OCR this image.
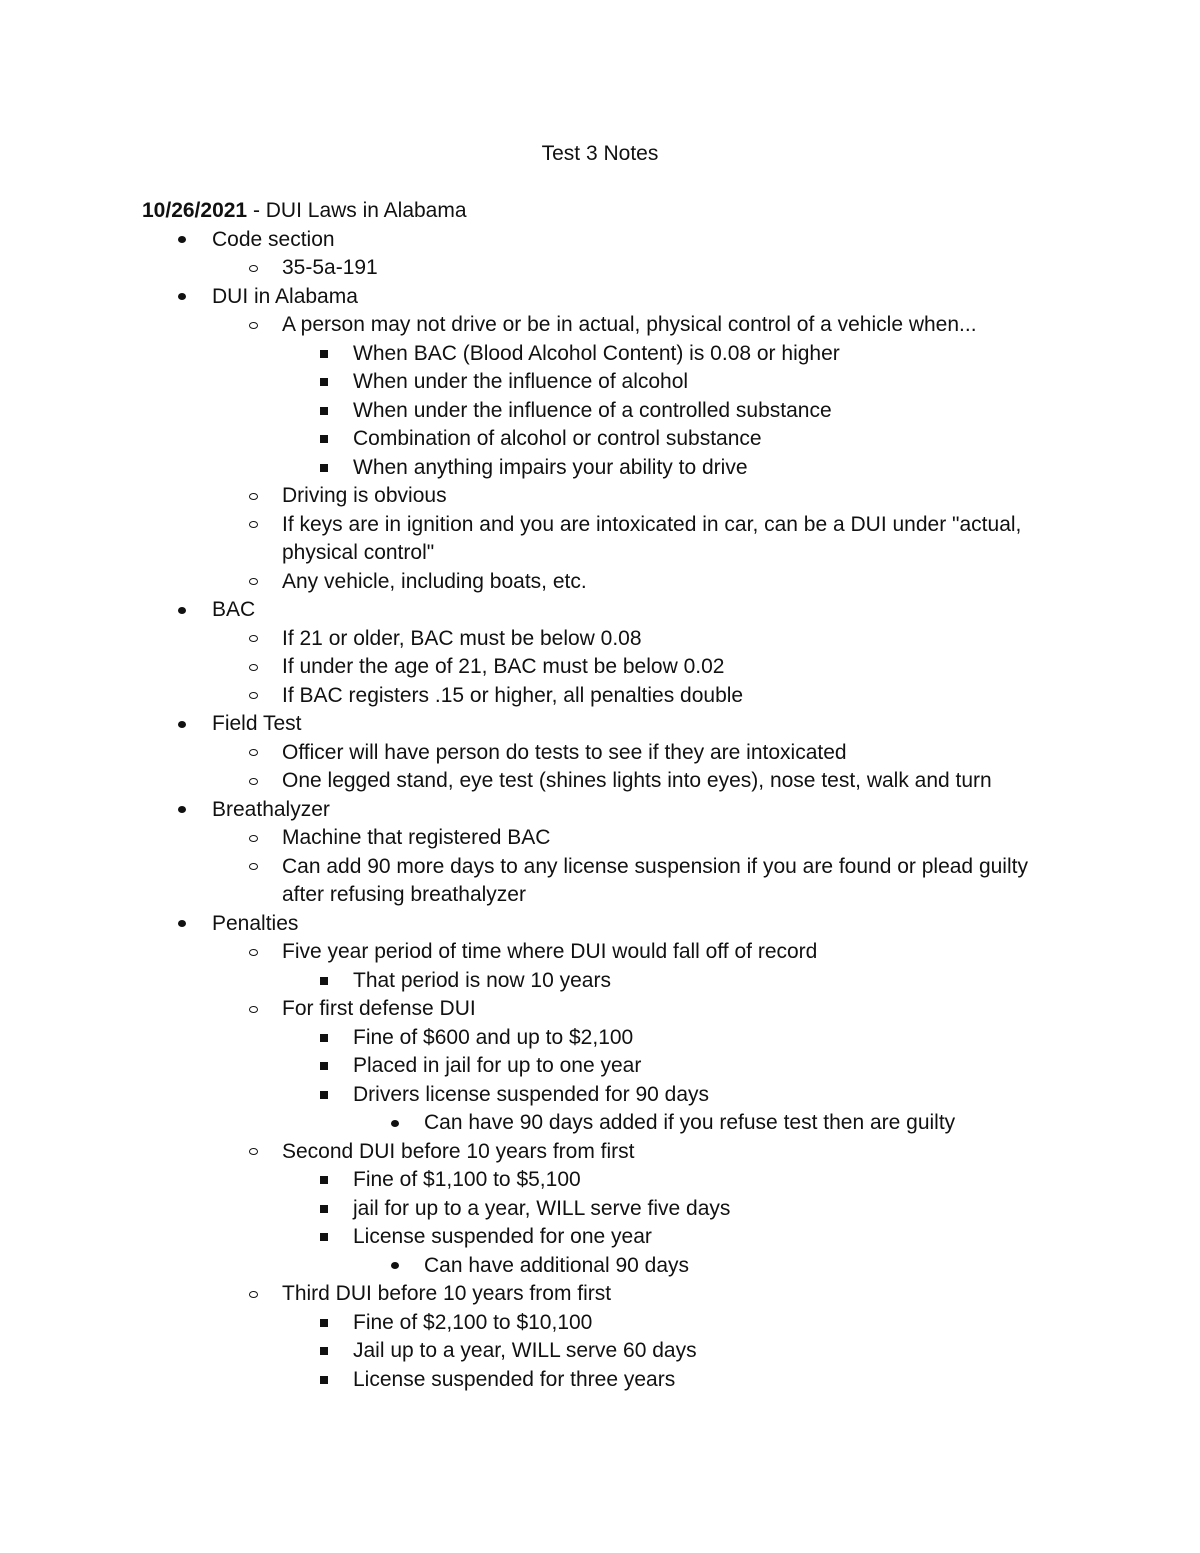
Test 3 Notes

10/26/2021 - DUI Laws in Alabama

Code section
35-5a-191
DUI in Alabama
A person may not drive or be in actual, physical control of a vehicle when...
When BAC (Blood Alcohol Content) is 0.08 or higher
When under the influence of alcohol
When under the influence of a controlled substance
Combination of alcohol or control substance
When anything impairs your ability to drive
Driving is obvious
If keys are in ignition and you are intoxicated in car, can be a DUI under "actual, physical control"
Any vehicle, including boats, etc.
BAC
If 21 or older, BAC must be below 0.08
If under the age of 21, BAC must be below 0.02
If BAC registers .15 or higher, all penalties double
Field Test
Officer will have person do tests to see if they are intoxicated
One legged stand, eye test (shines lights into eyes), nose test, walk and turn
Breathalyzer
Machine that registered BAC
Can add 90 more days to any license suspension if you are found or plead guilty after refusing breathalyzer
Penalties
Five year period of time where DUI would fall off of record
That period is now 10 years
For first defense DUI
Fine of $600 and up to $2,100
Placed in jail for up to one year
Drivers license suspended for 90 days
Can have 90 days added if you refuse test then are guilty
Second DUI before 10 years from first
Fine of $1,100 to $5,100
jail for up to a year, WILL serve five days
License suspended for one year
Can have additional 90 days
Third DUI before 10 years from first
Fine of $2,100 to $10,100
Jail up to a year, WILL serve 60 days
License suspended for three years
